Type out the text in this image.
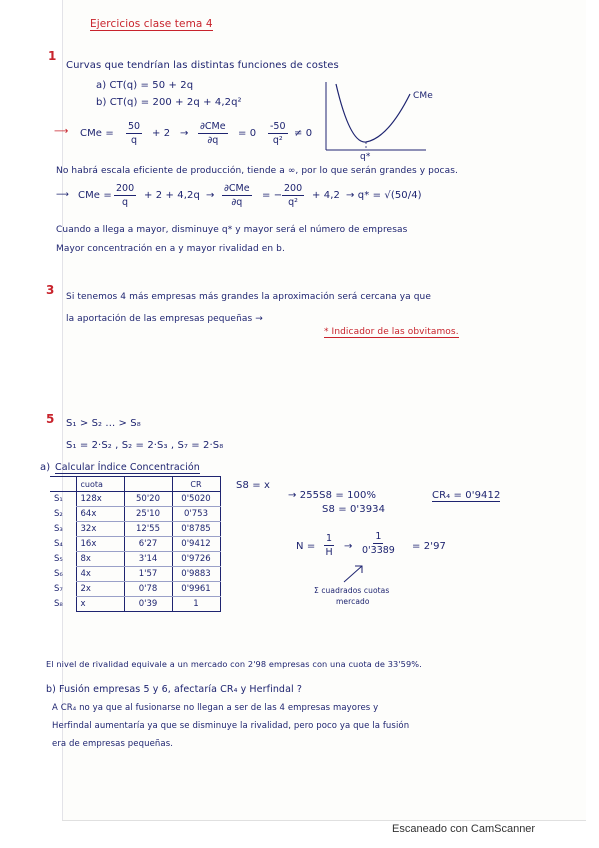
Ejercicios clase tema 4
1
Curvas que tendrían las distintas funciones de costes
a) CT(q) = 50 + 2q
b) CT(q) = 200 + 2q + 4,2q²
CMe
q*
⟶ CMe = $\frac{50}{q} + 2$ →
∂CMe
∂q
= $0 \frac{-50}{\text{q²}} \ne 0$
No habrá escala eficiente de producción, tiende a ∞, por lo que serán grandes y pocas.
⟶ CMe = $\frac{200}{q} + 2 + 4,2q$ →
∂CMe
∂q
= − $\frac{200}{\text{q²}} + 4,2 \to q* = √(50/4)$
Cuando a llega a mayor, disminuye q* y mayor será el número de empresas
Mayor concentración en a y mayor rivalidad en b.
3 Si tenemos 4 más empresas más grandes la aproximación será cercana ya que
la aportación de las empresas pequeñas →
* Indicador de las obvitamos.
5 S₁ > S₂ ... > S₈
S₁ = 2·S₂ , S₂ = 2·S₃ , S₇ = 2·S₈
a) Calcular Índice Concentración
	cuota		CR
S₁	128x	50'20	0'5020
S₂	64x	25'10	0'753
S₃	32x	12'55	0'8785
S₄	16x	6'27	0'9412
S₅	8x	3'14	0'9726
S₆	4x	1'57	0'9883
S₇	2x	0'78	0'9961
S₈	x	0'39	1
S8 = x
→ 255S8 = 100%
S8 = 0'3934
CR₄ = 0'9412
$N = \frac{1}{H} \to \frac{1}{0'3389} = 2'97$
Σ cuadrados cuotas
mercado
El nivel de rivalidad equivale a un mercado con 2'98 empresas con una cuota de 33'59%.
b) Fusión empresas 5 y 6, afectaría CR₄ y Herfindal ?
A CR₄ no ya que al fusionarse no llegan a ser de las 4 empresas mayores y
Herfindal aumentaría ya que se disminuye la rivalidad, pero poco ya que la fusión
era de empresas pequeñas.
Escaneado con CamScanner
